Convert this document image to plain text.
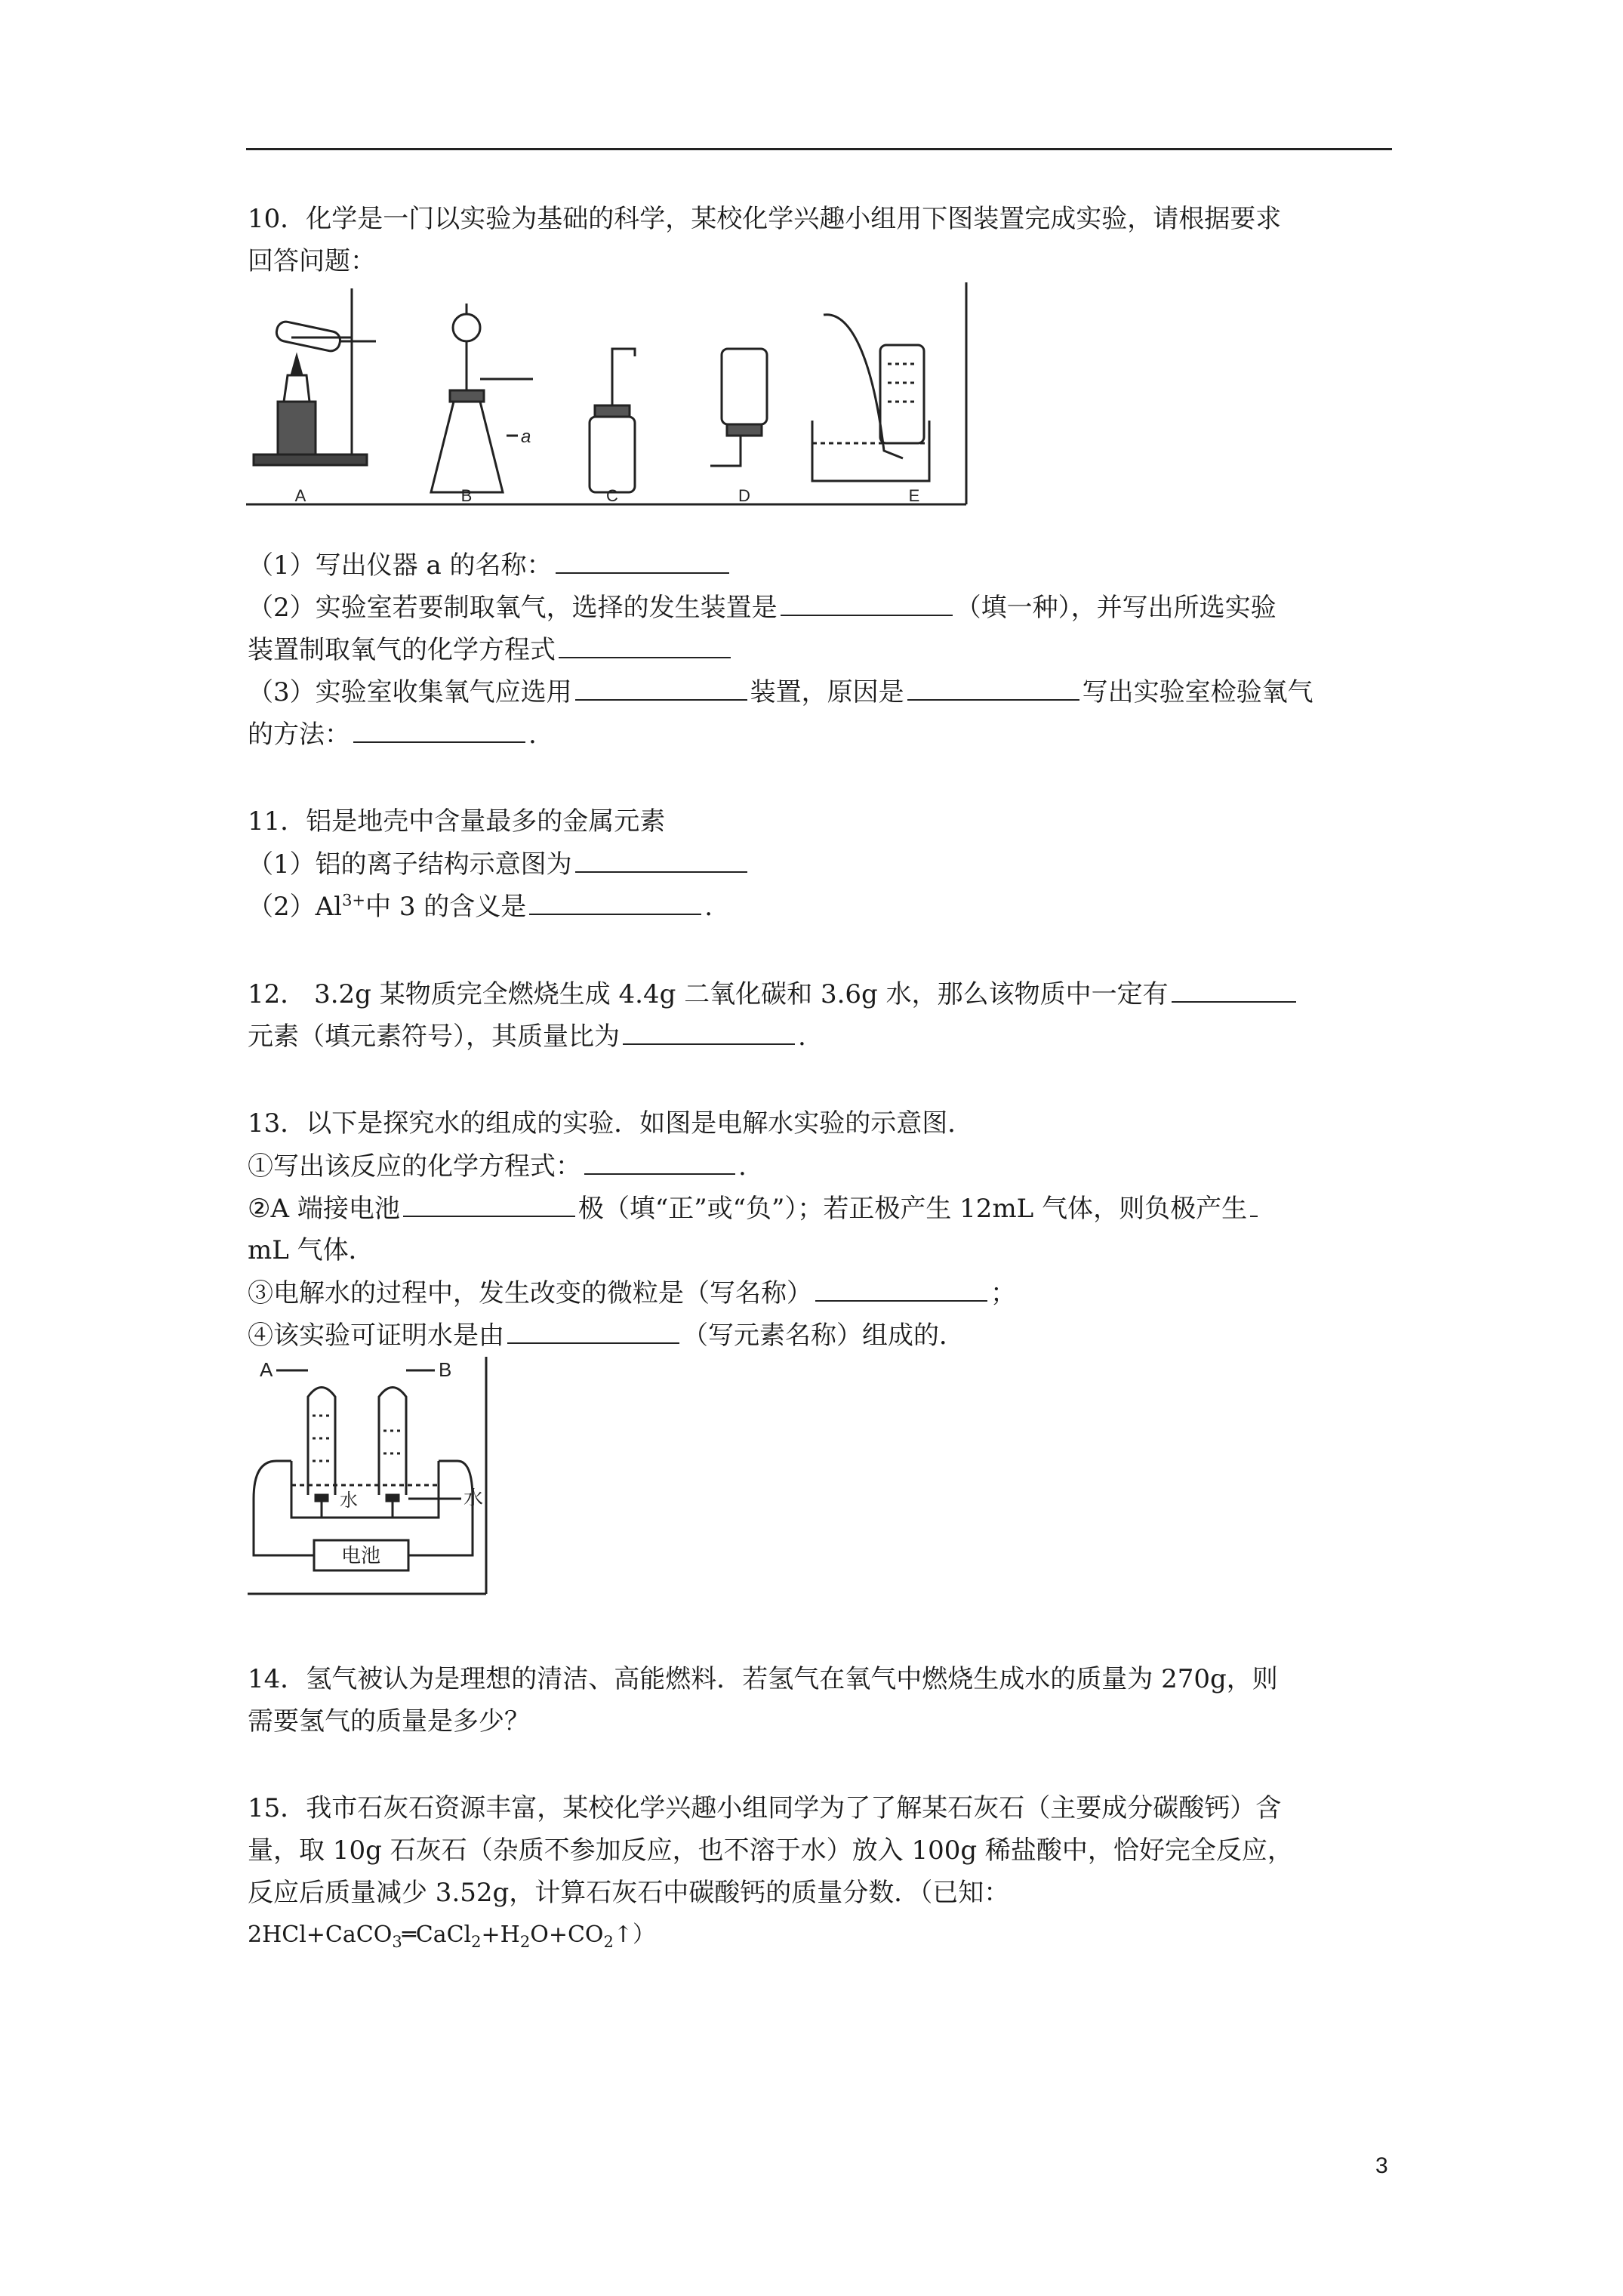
10．化学是一门以实验为基础的科学，某校化学兴趣小组用下图装置完成实验，请根据要求
回答问题：
A	B	C	D	E
a
（1）写出仪器 a 的名称：
（2）实验室若要制取氧气，选择的发生装置是	（填一种），并写出所选实验
装置制取氧气的化学方程式
（3）实验室收集氧气应选用	装置，原因是	写出实验室检验氧气
的方法：	.
11．铝是地壳中含量最多的金属元素
（1）铝的离子结构示意图为
$(2)Al^{3+}$中 3 的含义是	.
12． 3.2g 某物质完全燃烧生成 4.4g 二氧化碳和 3.6g 水，那么该物质中一定有
元素（填元素符号），其质量比为	.
13．以下是探究水的组成的实验．如图是电解水实验的示意图．
①写出该反应的化学方程式：	.
②A 端接电池	极（填“正”或“负”）；若正极产生 12mL 气体，则负极产生
mL 气体．
③电解水的过程中，发生改变的微粒是（写名称）	；
④该实验可证明水是由	（写元素名称）组成的．
A	B
水	水
电池
14．氢气被认为是理想的清洁、高能燃料．若氢气在氧气中燃烧生成水的质量为 270g，则
需要氢气的质量是多少？
15．我市石灰石资源丰富，某校化学兴趣小组同学为了了解某石灰石（主要成分碳酸钙）含
量，取 10g 石灰石（杂质不参加反应，也不溶于水）放入 100g 稀盐酸中，恰好完全反应，
反应后质量减少 3.52g，计算石灰石中碳酸钙的质量分数．（已知：
$2HCl+CaCO_3═CaCl_2+H_2O+CO_2↑$）
3
